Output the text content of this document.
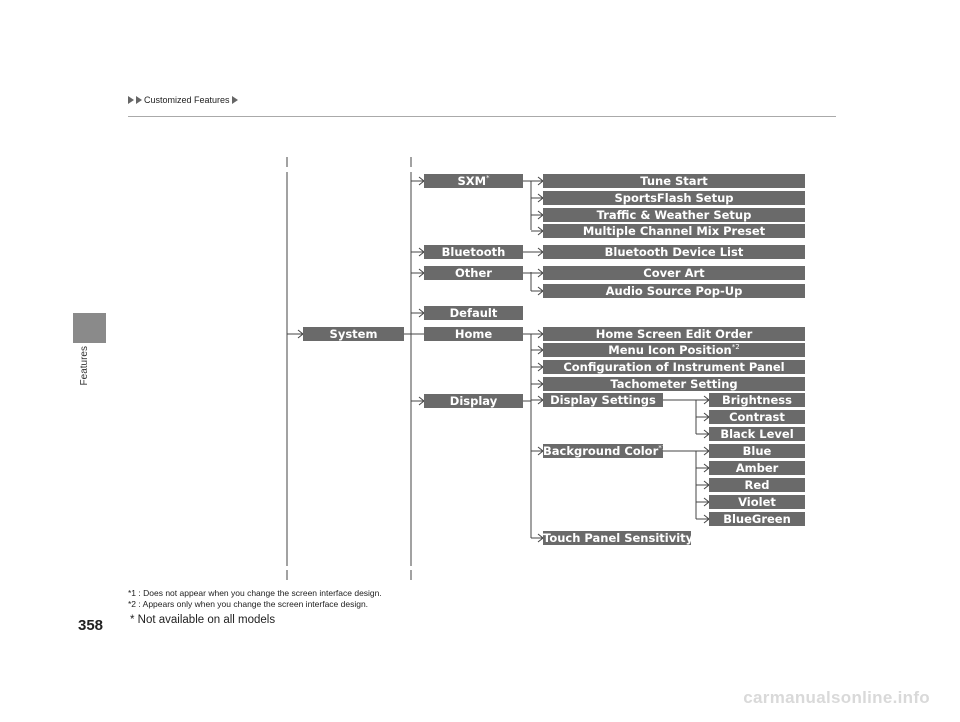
Features
Customized Features
System
SXM*
Bluetooth
Other
Default
Home
Display
Tune Start
SportsFlash Setup
Traffic & Weather Setup
Multiple Channel Mix Preset
Bluetooth Device List
Cover Art
Audio Source Pop-Up
Home Screen Edit Order
Menu Icon Position$^{*2}$
Configuration of Instrument Panel
Tachometer Setting
Display Settings
Background Color$^{*1}$
Touch Panel Sensitivity
Brightness
Contrast
Black Level
Blue
Amber
Red
Violet
BlueGreen
*1 : Does not appear when you change the screen interface design.
*2 : Appears only when you change the screen interface design.
358 * Not available on all models
carmanualsonline.info
